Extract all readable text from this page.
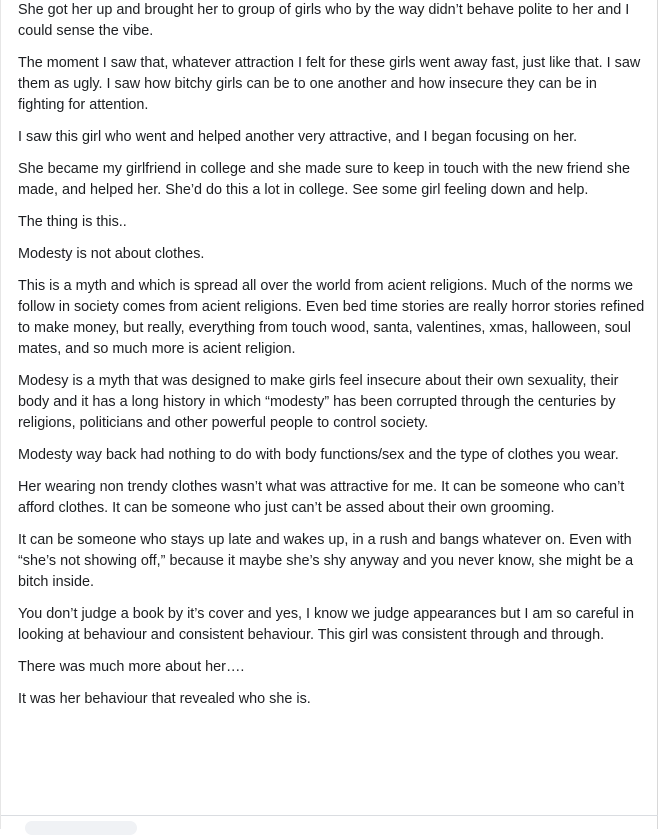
She got her up and brought her to group of girls who by the way didn’t behave polite to her and I could sense the vibe.

The moment I saw that, whatever attraction I felt for these girls went away fast, just like that. I saw them as ugly. I saw how bitchy girls can be to one another and how insecure they can be in fighting for attention.

I saw this girl who went and helped another very attractive, and I began focusing on her.

She became my girlfriend in college and she made sure to keep in touch with the new friend she made, and helped her. She’d do this a lot in college. See some girl feeling down and help.

The thing is this..

Modesty is not about clothes.

This is a myth and which is spread all over the world from acient religions. Much of the norms we follow in society comes from acient religions. Even bed time stories are really horror stories refined to make money, but really, everything from touch wood, santa, valentines, xmas, halloween, soul mates, and so much more is acient religion.

Modesy is a myth that was designed to make girls feel insecure about their own sexuality, their body and it has a long history in which “modesty” has been corrupted through the centuries by religions, politicians and other powerful people to control society.

Modesty way back had nothing to do with body functions/sex and the type of clothes you wear.

Her wearing non trendy clothes wasn’t what was attractive for me. It can be someone who can’t afford clothes. It can be someone who just can’t be assed about their own grooming.

It can be someone who stays up late and wakes up, in a rush and bangs whatever on. Even with “she’s not showing off,” because it maybe she’s shy anyway and you never know, she might be a bitch inside.

You don’t judge a book by it’s cover and yes, I know we judge appearances but I am so careful in looking at behaviour and consistent behaviour. This girl was consistent through and through.

There was much more about her….

It was her behaviour that revealed who she is.
